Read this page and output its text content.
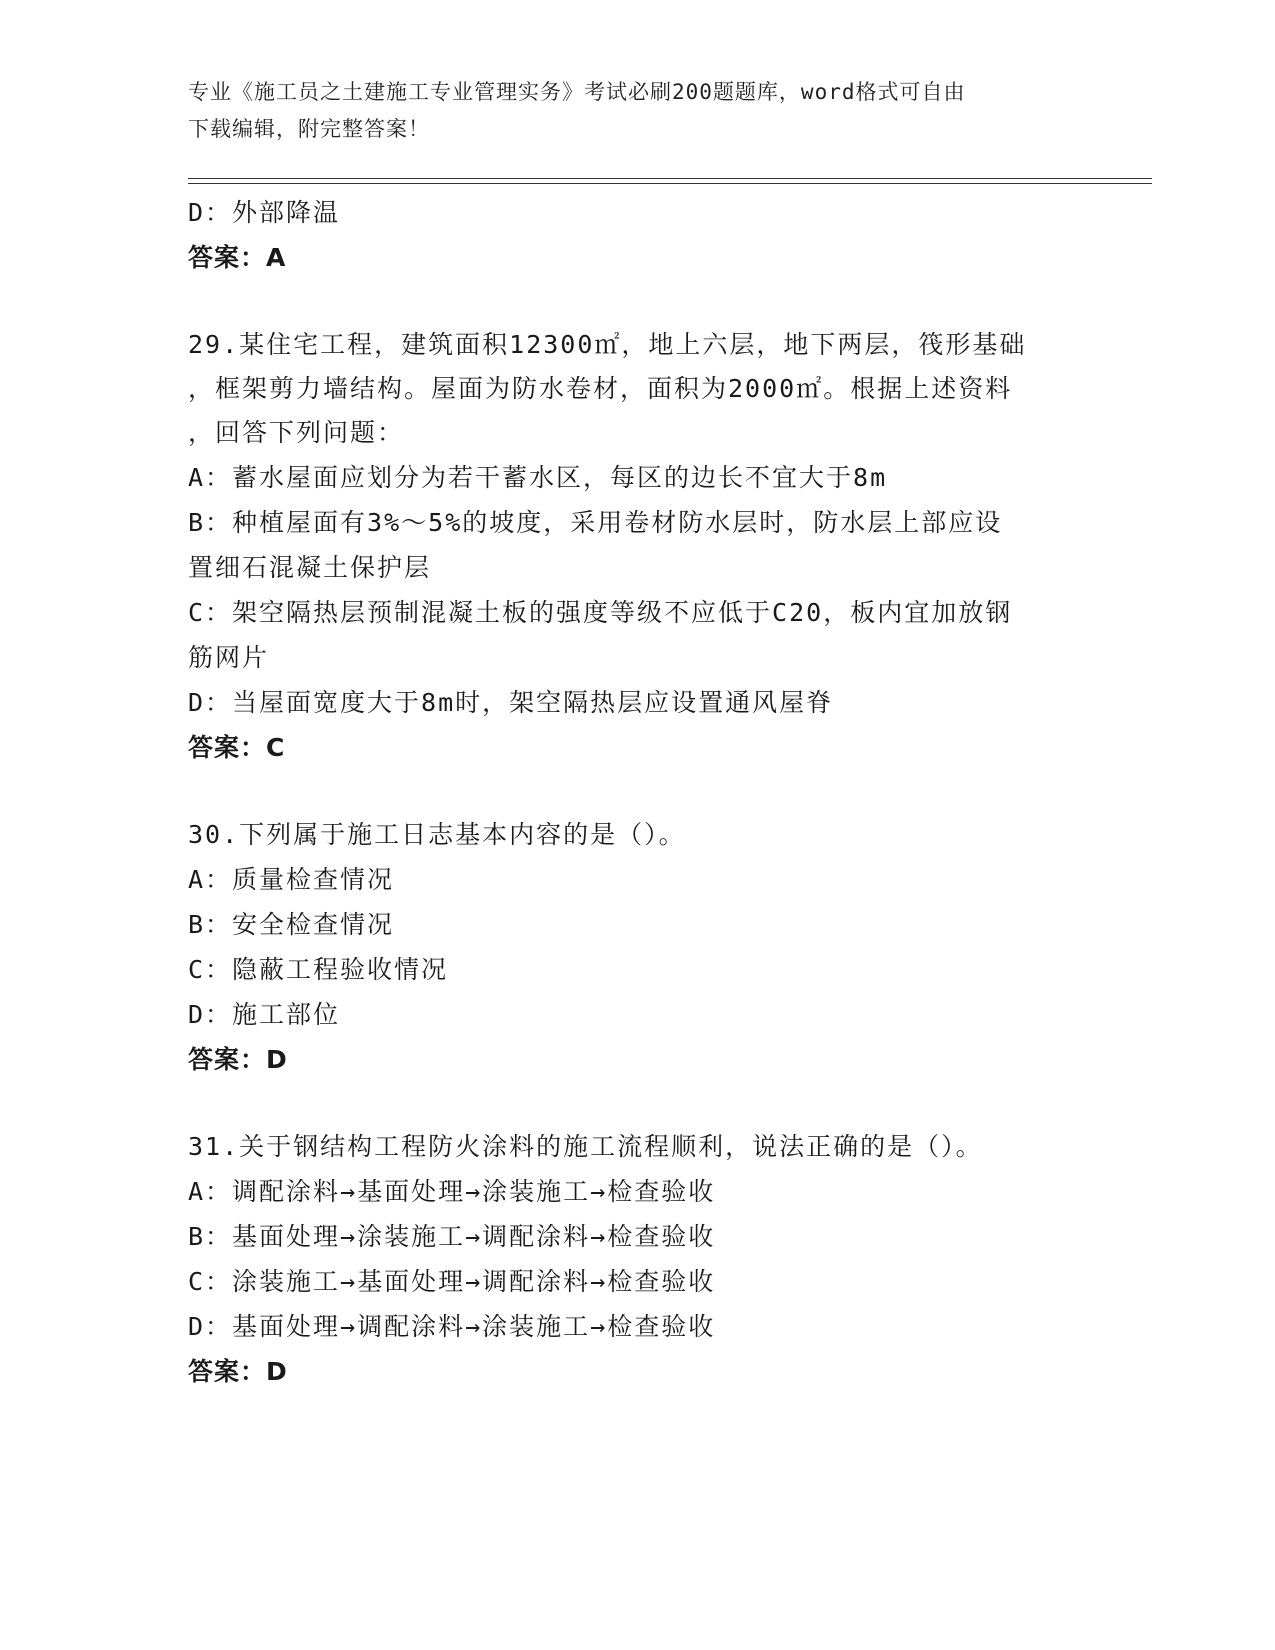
专业《施工员之土建施工专业管理实务》考试必刷200题题库，word格式可自由
下载编辑，附完整答案！
D：外部降温
答案：A
29.某住宅工程，建筑面积12300㎡，地上六层，地下两层，筏形基础
，框架剪力墙结构。屋面为防水卷材，面积为2000㎡。根据上述资料
，回答下列问题：
A：蓄水屋面应划分为若干蓄水区，每区的边长不宜大于8m
B：种植屋面有3%～5%的坡度，采用卷材防水层时，防水层上部应设
置细石混凝土保护层
C：架空隔热层预制混凝土板的强度等级不应低于C20，板内宜加放钢
筋网片
D：当屋面宽度大于8m时，架空隔热层应设置通风屋脊
答案：C
30.下列属于施工日志基本内容的是（）。
A：质量检查情况
B：安全检查情况
C：隐蔽工程验收情况
D：施工部位
答案：D
31.关于钢结构工程防火涂料的施工流程顺利，说法正确的是（）。
A：调配涂料→基面处理→涂装施工→检查验收
B：基面处理→涂装施工→调配涂料→检查验收
C：涂装施工→基面处理→调配涂料→检查验收
D：基面处理→调配涂料→涂装施工→检查验收
答案：D
